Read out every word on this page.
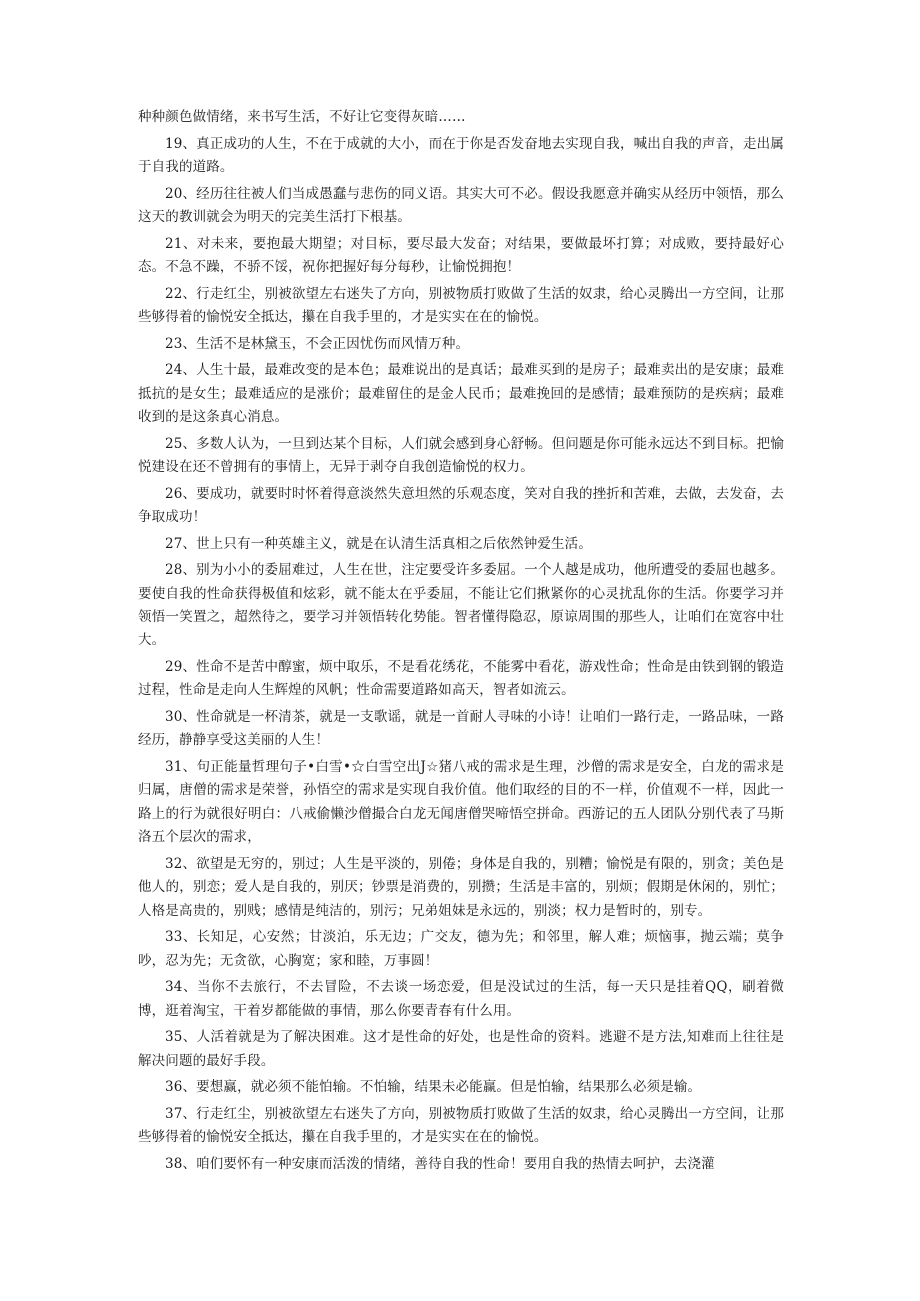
种种颜色做情绪，来书写生活，不好让它变得灰暗……

19、真正成功的人生，不在于成就的大小，而在于你是否发奋地去实现自我，喊出自我的声音，走出属于自我的道路。

20、经历往往被人们当成愚蠢与悲伤的同义语。其实大可不必。假设我愿意并确实从经历中领悟，那么这天的教训就会为明天的完美生活打下根基。

21、对未来，要抱最大期望；对目标，要尽最大发奋；对结果，要做最坏打算；对成败，要持最好心态。不急不躁，不骄不馁，祝你把握好每分每秒，让愉悦拥抱！

22、行走红尘，别被欲望左右迷失了方向，别被物质打败做了生活的奴隶，给心灵腾出一方空间，让那些够得着的愉悦安全抵达，攥在自我手里的，才是实实在在的愉悦。

23、生活不是林黛玉，不会正因忧伤而风情万种。

24、人生十最，最难改变的是本色；最难说出的是真话；最难买到的是房子；最难卖出的是安康；最难抵抗的是女生；最难适应的是涨价；最难留住的是金人民币；最难挽回的是感情；最难预防的是疾病；最难收到的是这条真心消息。

25、多数人认为，一旦到达某个目标，人们就会感到身心舒畅。但问题是你可能永远达不到目标。把愉悦建设在还不曾拥有的事情上，无异于剥夺自我创造愉悦的权力。

26、要成功，就要时时怀着得意淡然失意坦然的乐观态度，笑对自我的挫折和苦难，去做，去发奋，去争取成功！

27、世上只有一种英雄主义，就是在认清生活真相之后依然钟爱生活。

28、别为小小的委屈难过，人生在世，注定要受许多委屈。一个人越是成功，他所遭受的委屈也越多。要使自我的性命获得极值和炫彩，就不能太在乎委屈，不能让它们揪紧你的心灵扰乱你的生活。你要学习并领悟一笑置之，超然待之，要学习并领悟转化势能。智者懂得隐忍，原谅周围的那些人，让咱们在宽容中壮大。

29、性命不是苦中醇蜜，烦中取乐，不是看花绣花，不能雾中看花，游戏性命；性命是由铁到钢的锻造过程，性命是走向人生辉煌的风帆；性命需要道路如高天，智者如流云。

30、性命就是一杯清茶，就是一支歌谣，就是一首耐人寻味的小诗！让咱们一路行走，一路品味，一路经历，静静享受这美丽的人生！

31、句正能量哲理句子•白雪•☆白雪空出J☆猪八戒的需求是生理，沙僧的需求是安全，白龙的需求是归属，唐僧的需求是荣誉，孙悟空的需求是实现自我价值。他们取经的目的不一样，价值观不一样，因此一路上的行为就很好明白：八戒偷懒沙僧撮合白龙无闻唐僧哭啼悟空拼命。西游记的五人团队分别代表了马斯洛五个层次的需求，

32、欲望是无穷的，别过；人生是平淡的，别倦；身体是自我的，别糟；愉悦是有限的，别贪；美色是他人的，别恋；爱人是自我的，别厌；钞票是消费的，别攒；生活是丰富的，别烦；假期是休闲的，别忙；人格是高贵的，别贱；感情是纯洁的，别污；兄弟姐妹是永远的，别淡；权力是暂时的，别专。

33、长知足，心安然；甘淡泊，乐无边；广交友，德为先；和邻里，解人难；烦恼事，抛云端；莫争吵，忍为先；无贪欲，心胸宽；家和睦，万事圆！

34、当你不去旅行，不去冒险，不去谈一场恋爱，但是没试过的生活，每一天只是挂着QQ，刷着微博，逛着淘宝，干着岁都能做的事情，那么你要青春有什么用。

35、人活着就是为了解决困难。这才是性命的好处，也是性命的资料。逃避不是方法,知难而上往往是解决问题的最好手段。

36、要想赢，就必须不能怕输。不怕输，结果未必能赢。但是怕输，结果那么必须是输。

37、行走红尘，别被欲望左右迷失了方向，别被物质打败做了生活的奴隶，给心灵腾出一方空间，让那些够得着的愉悦安全抵达，攥在自我手里的，才是实实在在的愉悦。

38、咱们要怀有一种安康而活泼的情绪，善待自我的性命！要用自我的热情去呵护，去浇灌
